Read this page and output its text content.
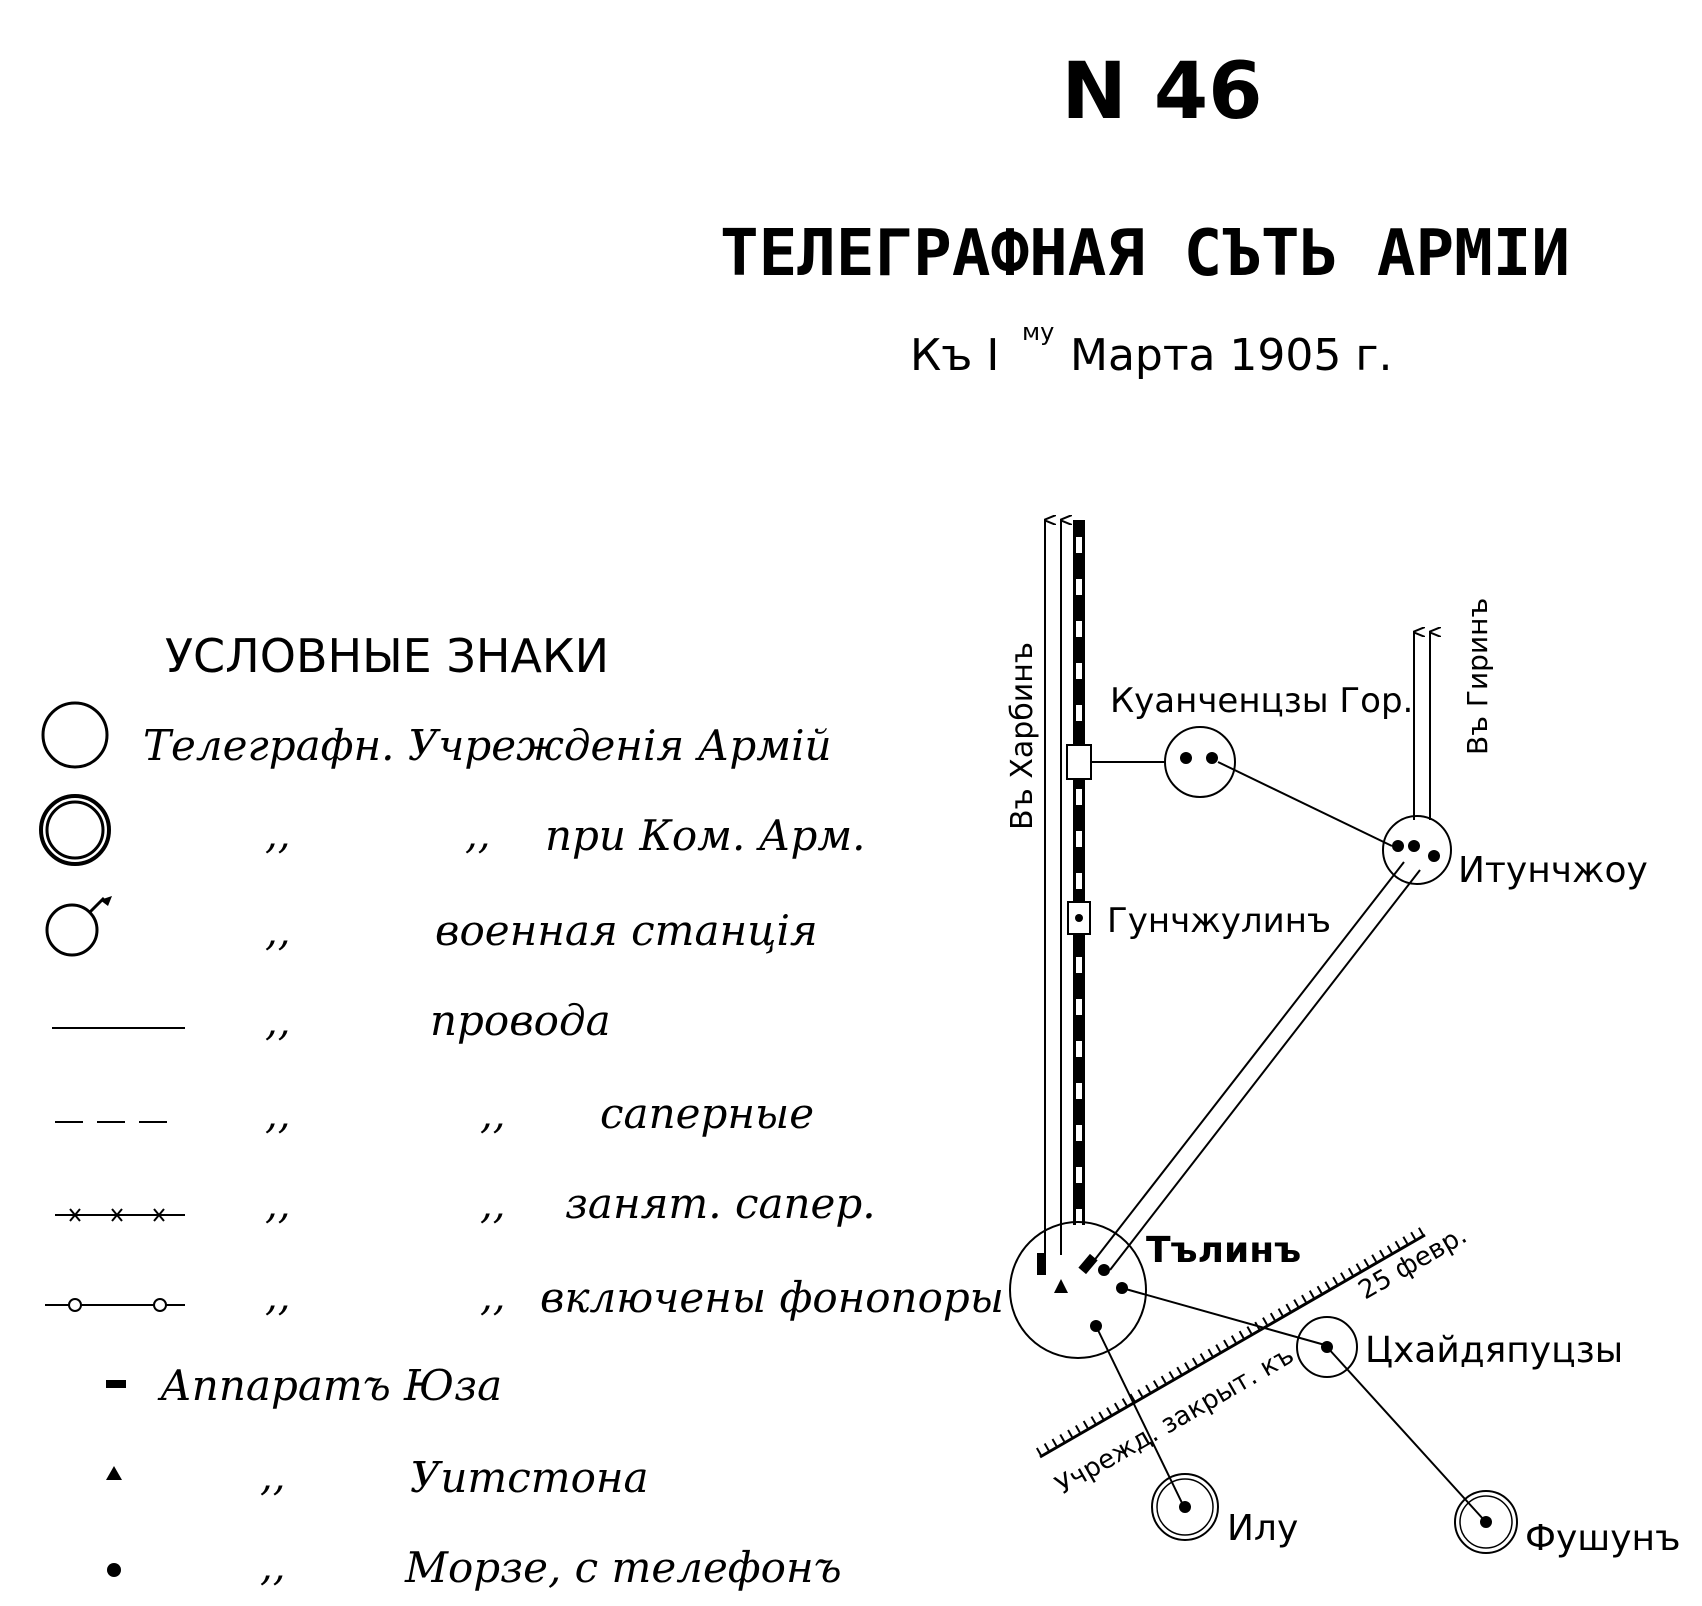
N 46
ТЕЛЕГРАФНАЯ СЪТЬ АРМІИ
Къ I му Марта 1905 г.
УСЛОВНЫЕ ЗНАКИ
Телеграфн. Учрежденія Армій
,,	,, при Ком. Арм.
,,	военная станція
,,	провода
,,	,, саперные
,,	,, занят. сапер.
,,	,, включены фонопоры
Аппаратъ Юза
,,	Уитстона
,,	Морзе, с телефонъ
Въ Харбинъ Куанченцзы Гор. Въ Гиринъ
Итунчжоу
Гунчжулинъ
Тълинъ
Учрежд. закрыт. къ
25 февр.
Цхайдяпуцзы
Фушунъ
Илу
